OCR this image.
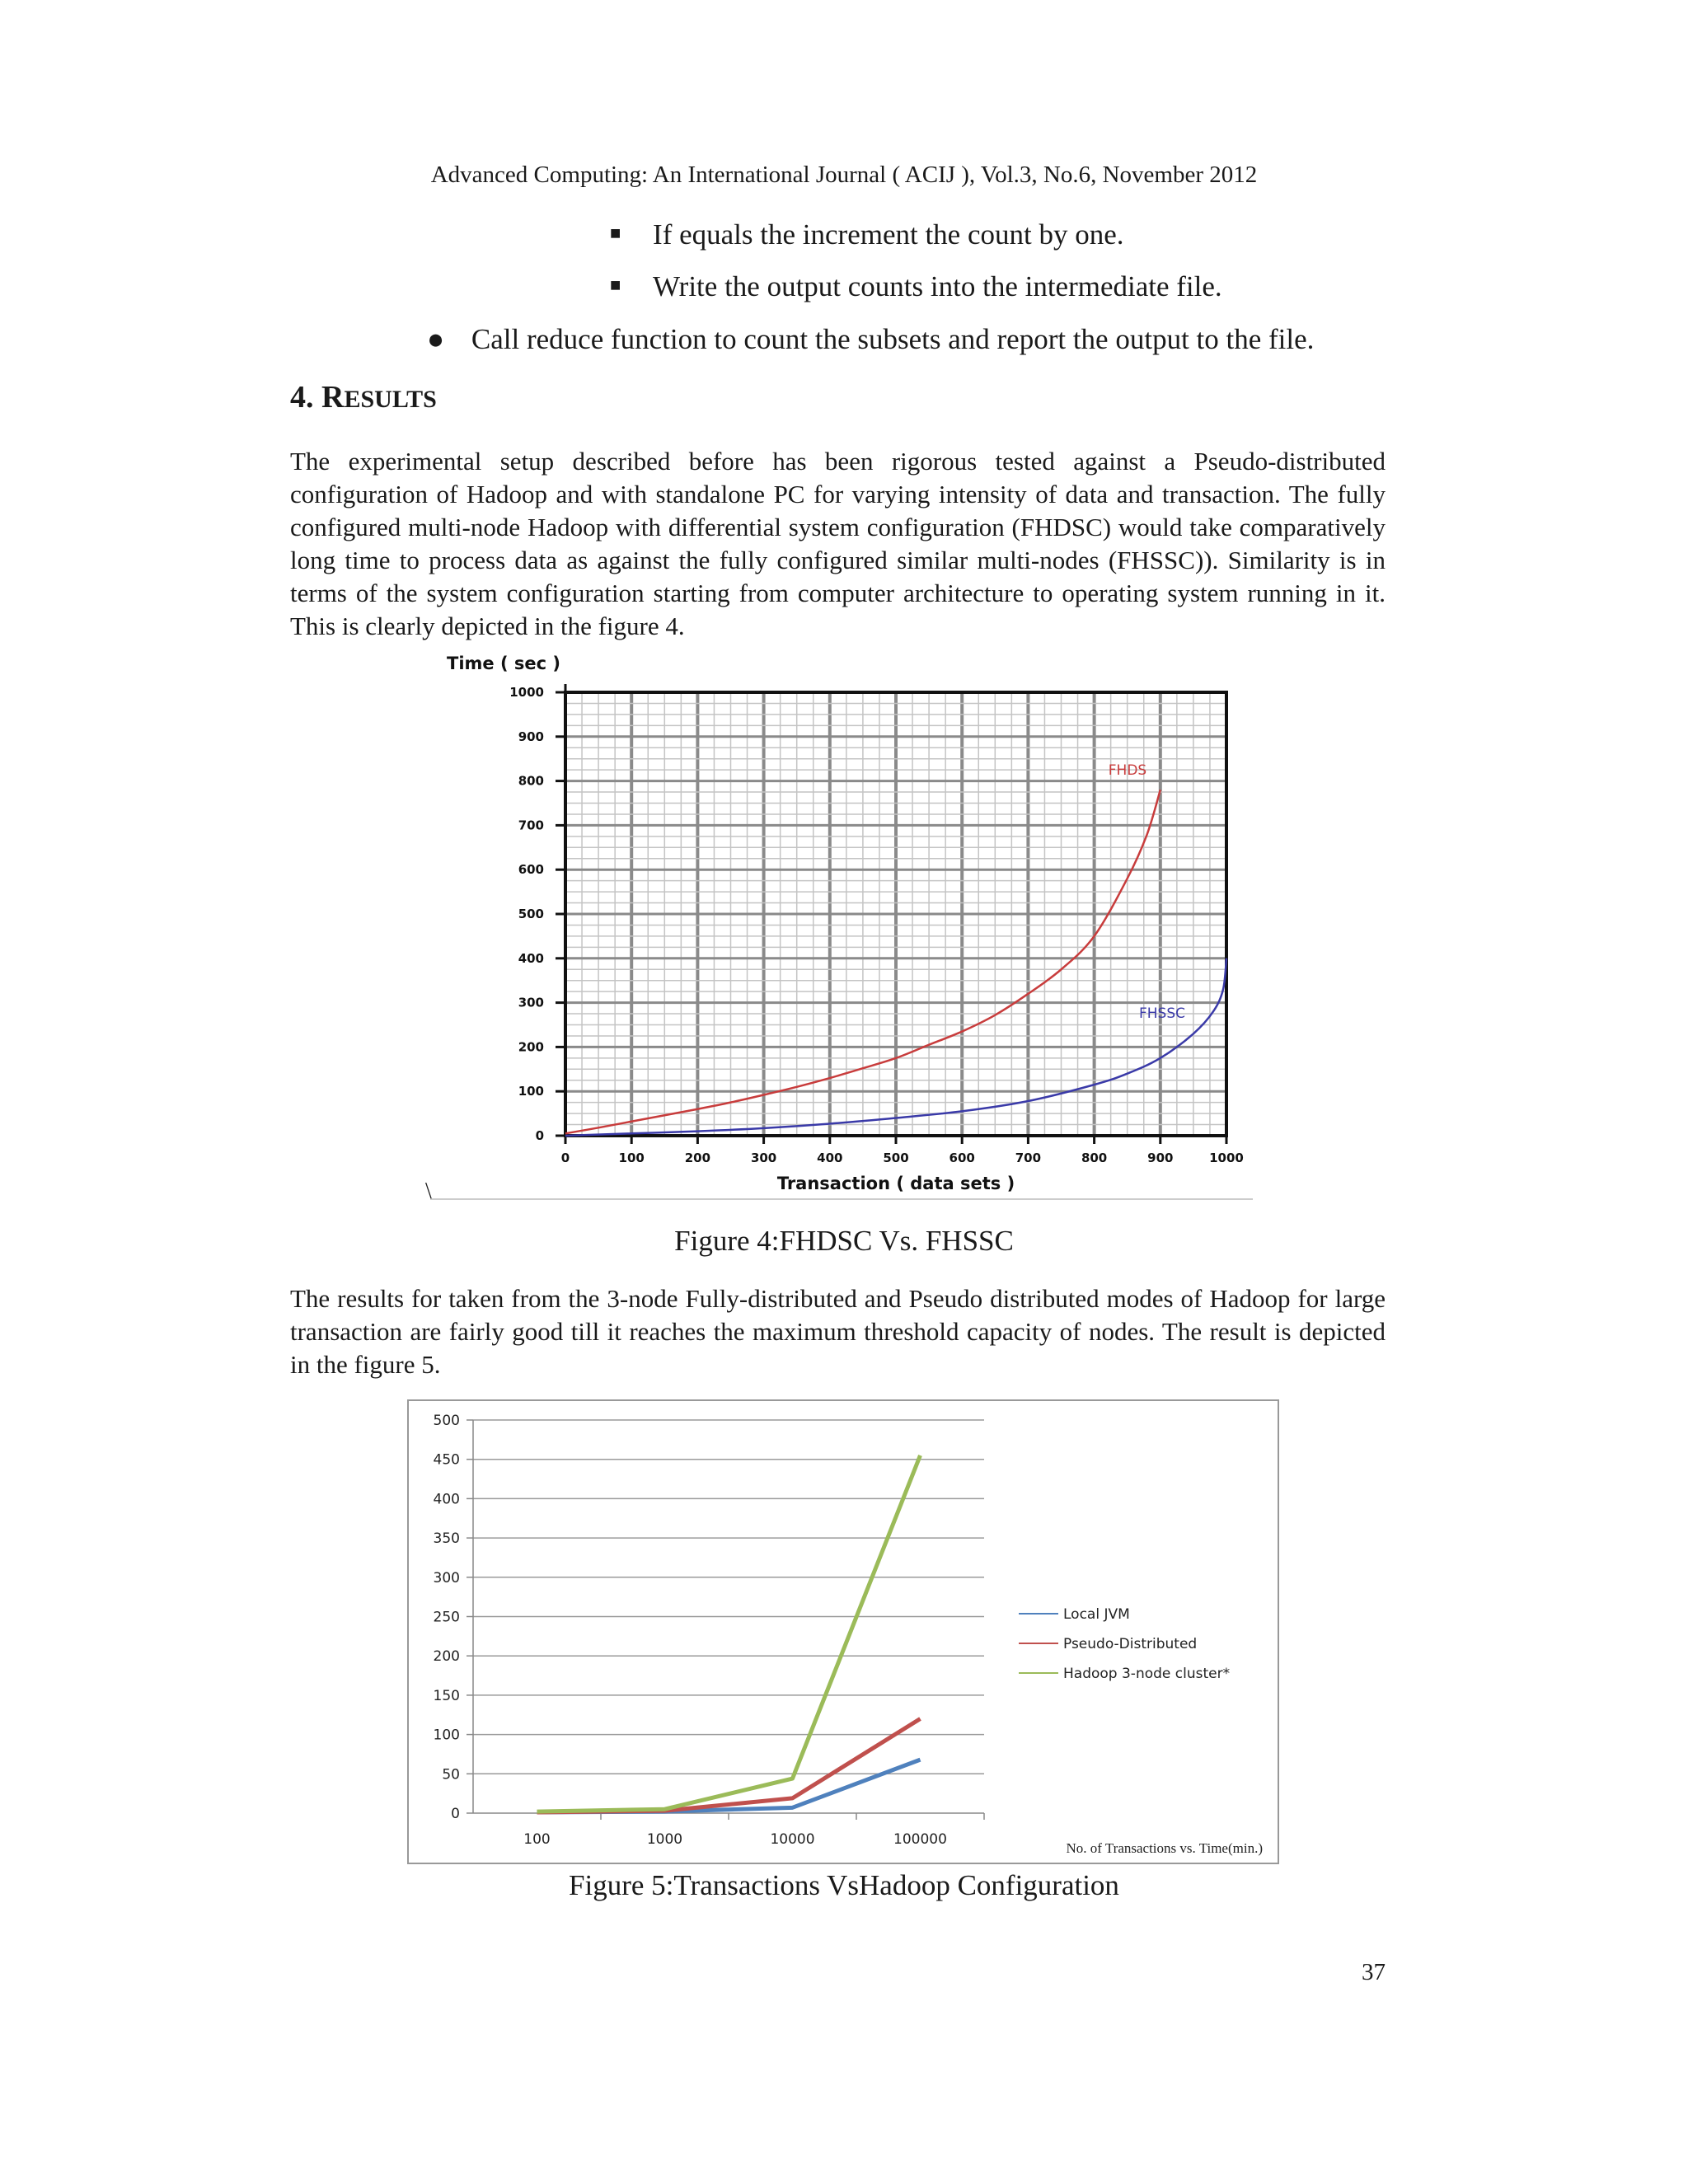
Advanced Computing: An International Journal ( ACIJ ), Vol.3, No.6, November 2012
■ If equals the increment the count by one.
■ Write the output counts into the intermediate file.
● Call reduce function to count the subsets and report the output to the file.
4. RESULTS
The experimental setup described before has been rigorous tested against a Pseudo-distributed configuration of Hadoop and with standalone PC for varying intensity of data and transaction. The fully configured multi-node Hadoop with differential system configuration (FHDSC) would take comparatively long time to process data as against the fully configured similar multi-nodes (FHSSC)). Similarity is in terms of the system configuration starting from computer architecture to operating system running in it. This is clearly depicted in the figure 4.
0	100	200	300	400	500	600	700	800	900	1000
0
100
200
300
400
500
600
700
800
900
1000
Time ( sec )
Transaction ( data sets )
FHDS
FHSSC
\
Figure 4:FHDSC Vs. FHSSC
The results for taken from the 3-node Fully-distributed and Pseudo distributed modes of Hadoop for large transaction are fairly good till it reaches the maximum threshold capacity of nodes. The result is depicted in the figure 5.
0
50
100
150
200
250
300
350
400
450
500
100	1000	10000	100000
Local JVM
Pseudo-Distributed
Hadoop 3-node cluster*
No. of Transactions vs. Time(min.)
Figure 5:Transactions VsHadoop Configuration
37
